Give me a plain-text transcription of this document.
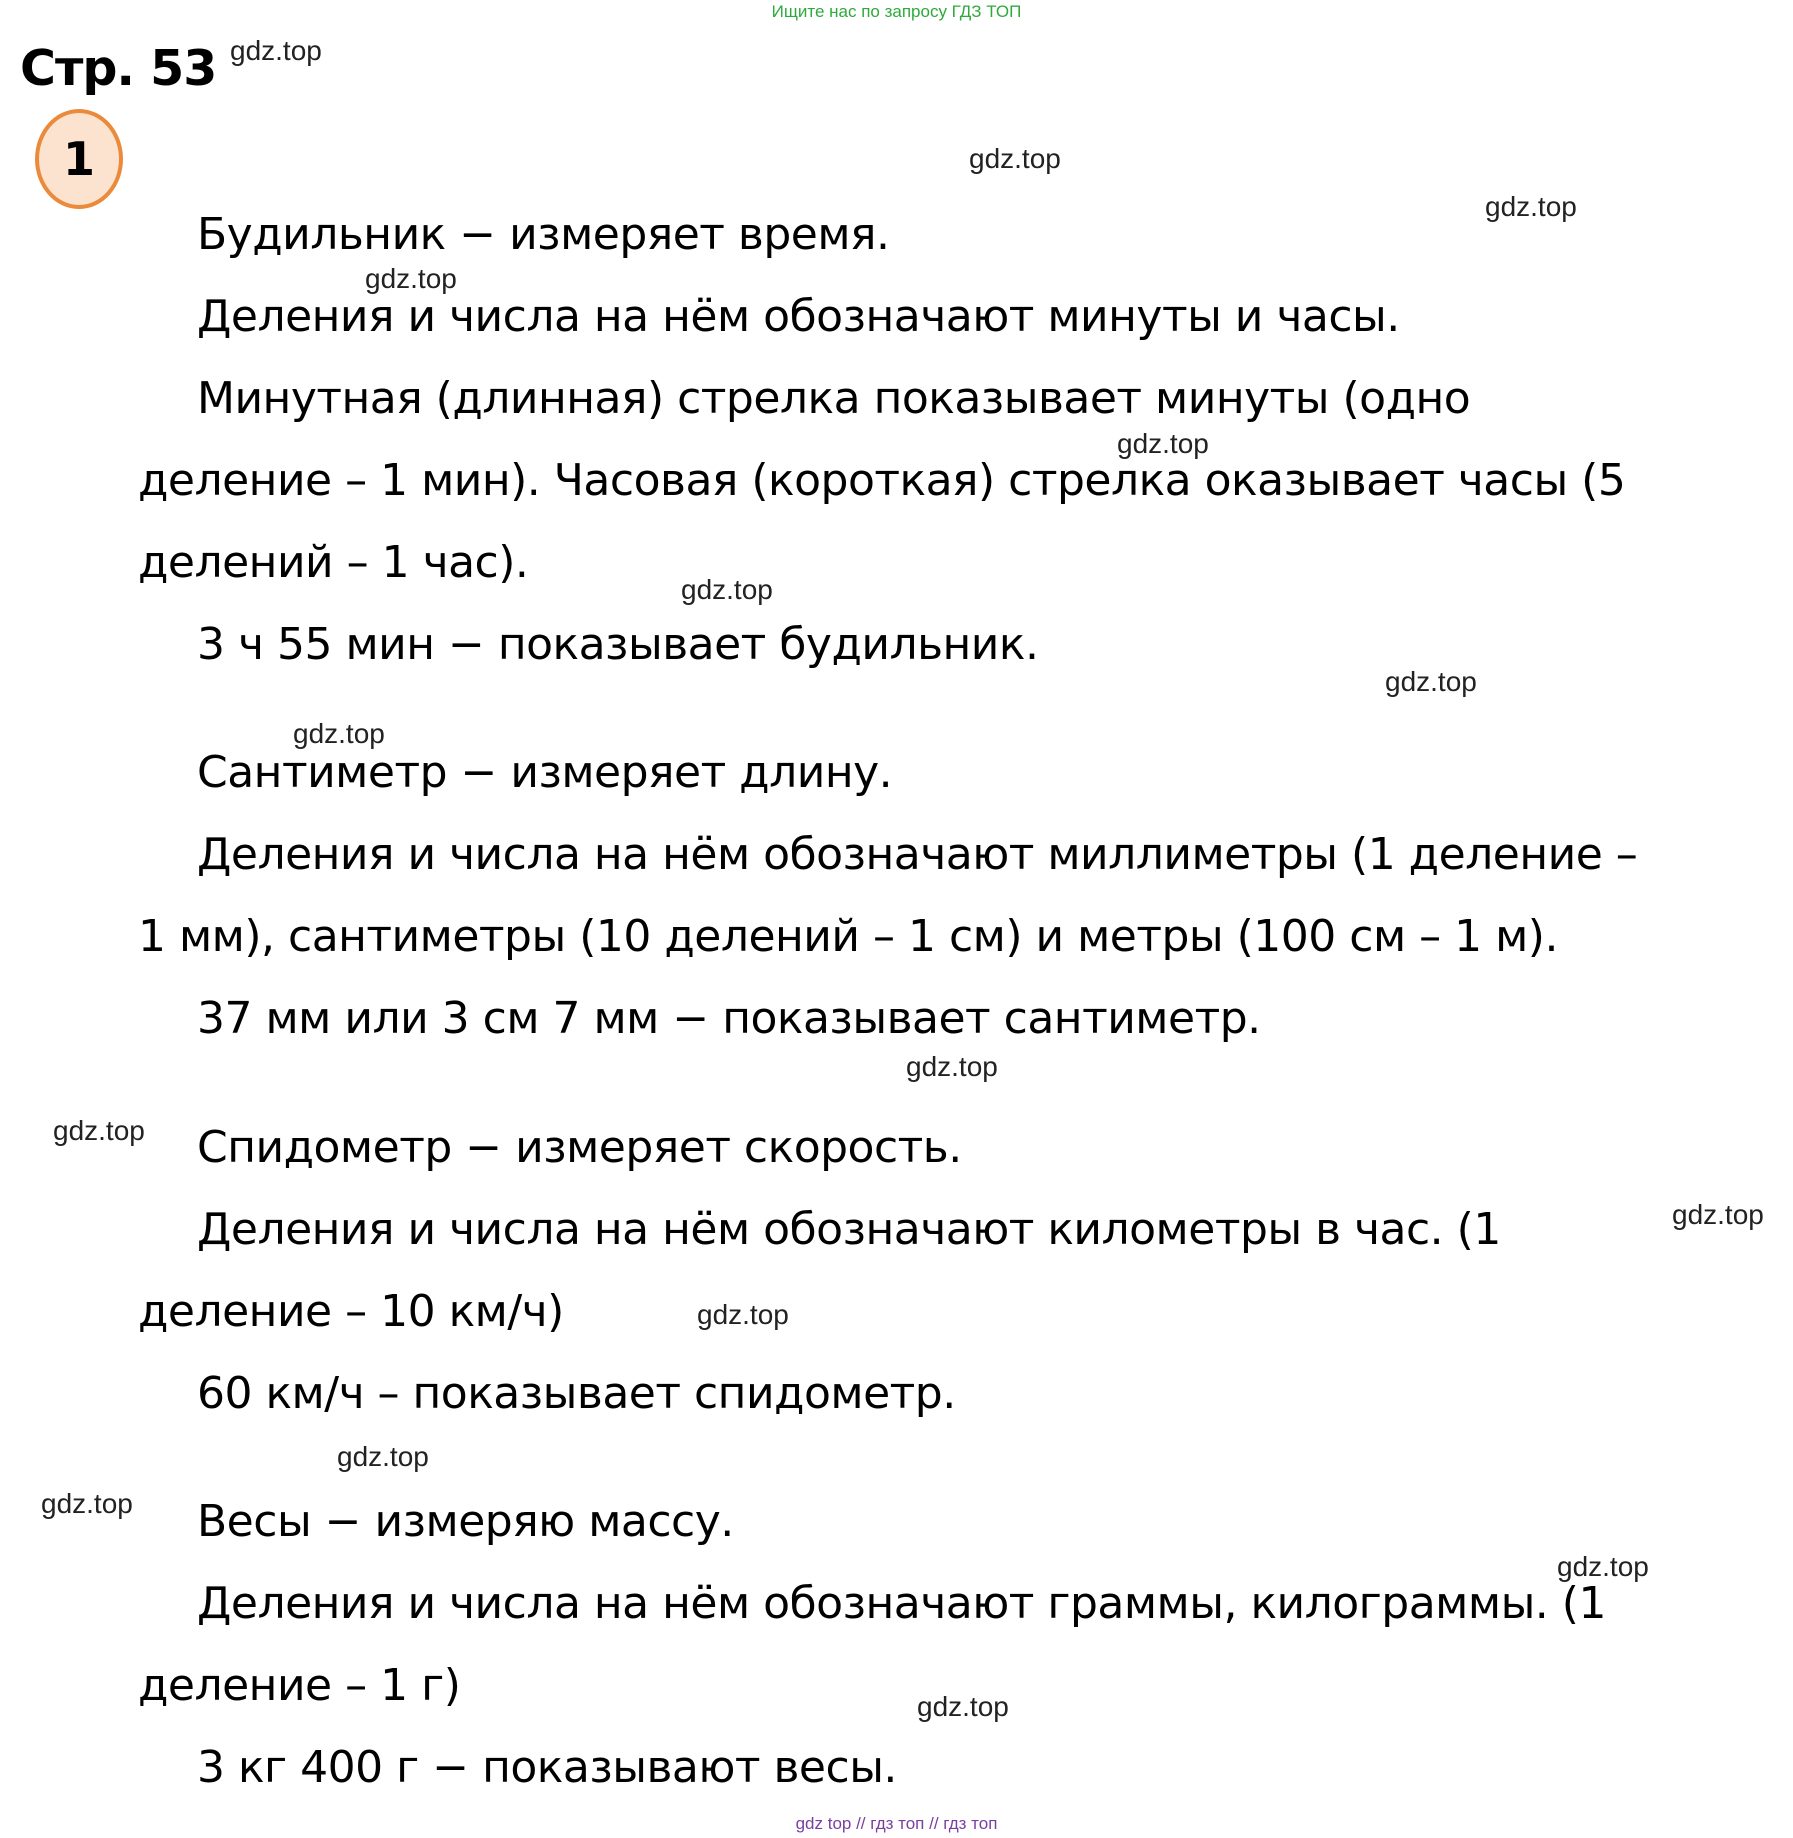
Ищите нас по запросу ГДЗ ТОП
Стр. 53
1
Будильник − измеряет время.
Деления и числа на нём обозначают минуты и часы.
Минутная (длинная) стрелка показывает минуты (одно
деление – 1 мин). Часовая (короткая) стрелка оказывает часы (5
делений – 1 час).
3 ч 55 мин − показывает будильник.
Сантиметр − измеряет длину.
Деления и числа на нём обозначают миллиметры (1 деление –
1 мм), сантиметры (10 делений – 1 см) и метры (100 см – 1 м).
37 мм или 3 см 7 мм − показывает сантиметр.
Спидометр − измеряет скорость.
Деления и числа на нём обозначают километры в час. (1
деление – 10 км/ч)
60 км/ч – показывает спидометр.
Весы − измеряю массу.
Деления и числа на нём обозначают граммы, килограммы. (1
деление – 1 г)
3 кг 400 г − показывают весы.
gdz.top
gdz.top
gdz.top
gdz.top
gdz.top
gdz.top
gdz.top
gdz.top
gdz.top
gdz.top
gdz.top
gdz.top
gdz.top
gdz.top
gdz.top
gdz.top
gdz top // гдз топ // гдз топ
